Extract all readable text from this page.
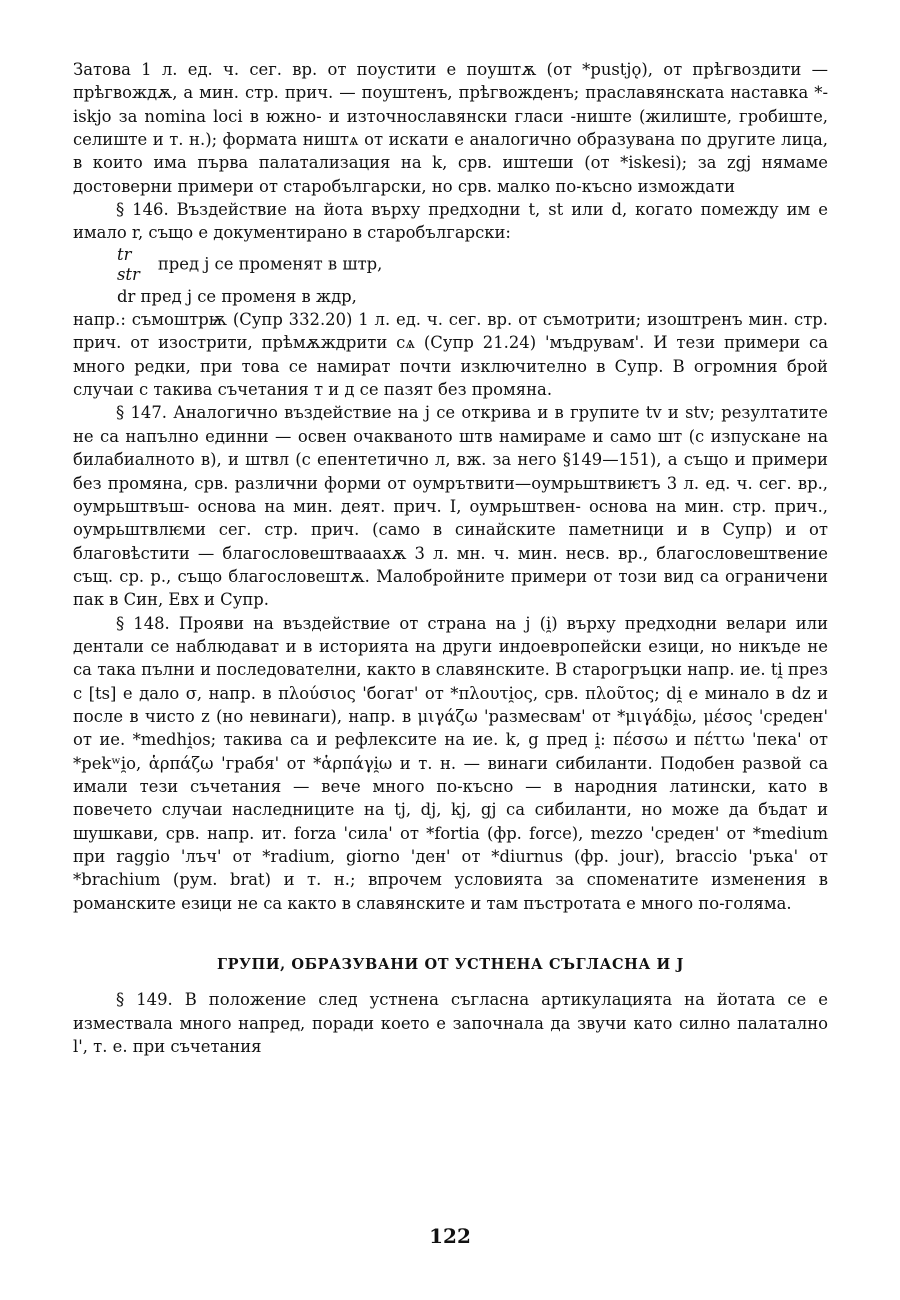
Затова 1 л. ед. ч. сег. вр. от поустити е поуштѫ (от *pustjǫ), от прѣгвоздити — прѣгвождѫ, а мин. стр. прич. — поуштенъ, прѣгвожденъ; праславянската наставка *-iskjo за nomina loci в южно- и източнославянски гласи -ниште (жилиште, гробиште, селиште и т. н.); формата ништѧ от искати е аналогично образувана по другите лица, в които има първа палатализация на k, срв. иштеши (от *iskesi); за zgj нямаме достоверни примери от старобългарски, но срв. малко по-късно измождати

§ 146. Въздействие на йота върху предходни t, st или d, когато помежду им е имало r, също е документирано в старобългарски:

tr
str
пред j се променят в штр,
dr пред j се променя в ждр,

напр.: съмоштрѭ (Супр 332.20) 1 л. ед. ч. сег. вр. от съмотрити; изоштренъ мин. стр. прич. от изострити, прѣмѫждрити сѧ (Супр 21.24) 'мъдрувам'. И тези примери са много редки, при това се намират почти изключително в Супр. В огромния брой случаи с такива съчетания т и д се пазят без промяна.

§ 147. Аналогично въздействие на j се открива и в групите tv и stv; резултатите не са напълно единни — освен очакваното штв намираме и само шт (с изпускане на билабиалното в), и штвл (с епентетично л, вж. за него §149—151), а също и примери без промяна, срв. различни форми от оумрътвити—оумрьштвиѥтъ 3 л. ед. ч. сег. вр., оумрьштвъш- основа на мин. деят. прич. I, оумрьштвен- основа на мин. стр. прич., оумрьштвлѥми сег. стр. прич. (само в синайските паметници и в Супр) и от благовѣстити — благословештвааахѫ 3 л. мн. ч. мин. несв. вр., благословештвение същ. ср. р., също благословештѫ. Малобройните примери от този вид са ограничени пак в Син, Евх и Супр.

§ 148. Прояви на въздействие от страна на j (i̯) върху предходни велари или дентали се наблюдават и в историята на други индоевропейски езици, но никъде не са така пълни и последователни, както в славянските. В старогръцки напр. ие. ti̯ през c [ts] е дало σ, напр. в πλούσιος 'богат' от *πλουτi̯ος, срв. πλοῦτος; di̯ е минало в dz и после в чисто z (но невинаги), напр. в μιγάζω 'размесвам' от *μιγάδi̯ω, μέσος 'среден' от ие. *medhi̯os; такива са и рефлексите на ие. k, g пред i̯: πέσσω и πέττω 'пека' от *pekʷi̯o, ἁρπάζω 'грабя' от *ἁρπάγi̯ω и т. н. — винаги сибиланти. Подобен развой са имали тези съчетания — вече много по-късно — в народния латински, като в повечето случаи наследниците на tj, dj, kj, gj са сибиланти, но може да бъдат и шушкави, срв. напр. ит. forza 'сила' от *fortia (фр. force), mezzo 'среден' от *medium при raggio 'лъч' от *radium, giorno 'ден' от *diurnus (фр. jour), braccio 'ръка' от *brachium (рум. brat) и т. н.; впрочем условията за споменатите изменения в романските езици не са както в славянските и там пъстротата е много по-голяма.

ГРУПИ, ОБРАЗУВАНИ ОТ УСТНЕНА СЪГЛАСНА И J

§ 149. В положение след устнена съгласна артикулацията на йотата се е измествала много напред, поради което е започнала да звучи като силно палатално l', т. е. при съчетания

122
